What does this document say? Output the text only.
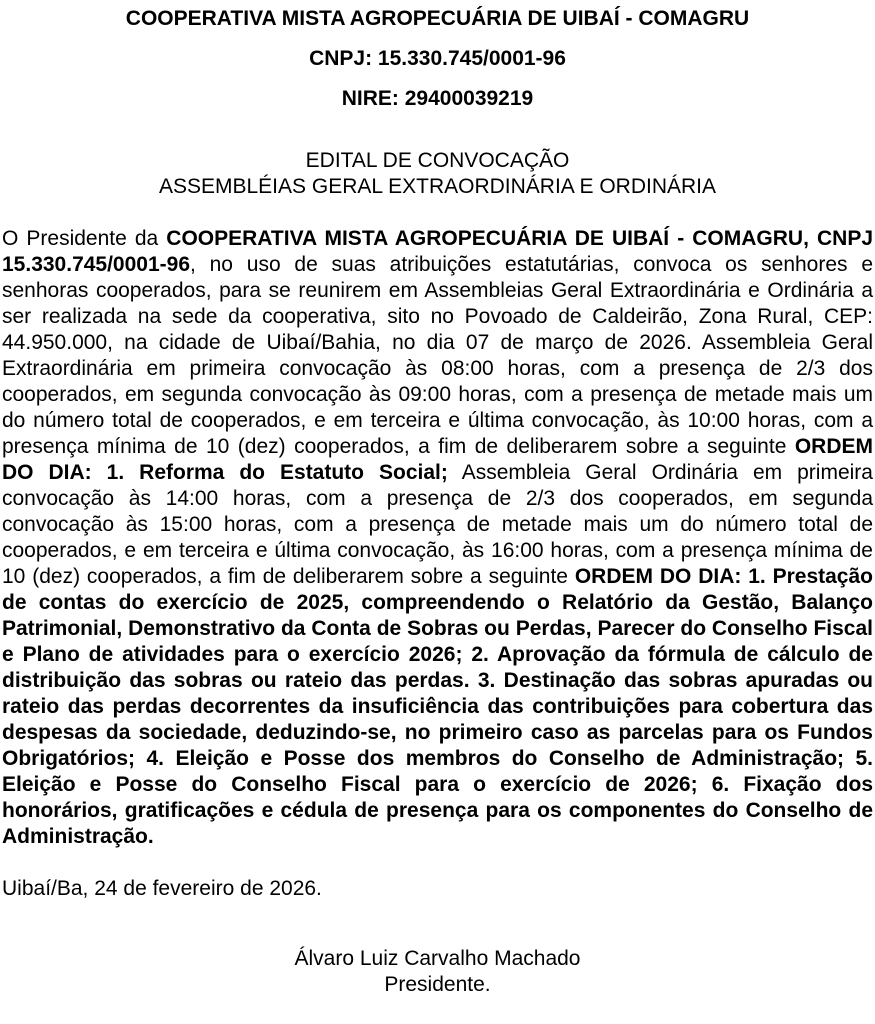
COOPERATIVA MISTA AGROPECUÁRIA DE UIBAÍ - COMAGRU
CNPJ: 15.330.745/0001-96
NIRE: 29400039219
EDITAL DE CONVOCAÇÃO
ASSEMBLÉIAS GERAL EXTRAORDINÁRIA E ORDINÁRIA

O Presidente da COOPERATIVA MISTA AGROPECUÁRIA DE UIBAÍ - COMAGRU, CNPJ 15.330.745/0001-96, no uso de suas atribuições estatutárias, convoca os senhores e senhoras cooperados, para se reunirem em Assembleias Geral Extraordinária e Ordinária a ser realizada na sede da cooperativa, sito no Povoado de Caldeirão, Zona Rural, CEP: 44.950.000, na cidade de Uibaí/Bahia, no dia 07 de março de 2026. Assembleia Geral Extraordinária em primeira convocação às 08:00 horas, com a presença de 2/3 dos cooperados, em segunda convocação às 09:00 horas, com a presença de metade mais um do número total de cooperados, e em terceira e última convocação, às 10:00 horas, com a presença mínima de 10 (dez) cooperados, a fim de deliberarem sobre a seguinte ORDEM DO DIA: 1. Reforma do Estatuto Social; Assembleia Geral Ordinária em primeira convocação às 14:00 horas, com a presença de 2/3 dos cooperados, em segunda convocação às 15:00 horas, com a presença de metade mais um do número total de cooperados, e em terceira e última convocação, às 16:00 horas, com a presença mínima de 10 (dez) cooperados, a fim de deliberarem sobre a seguinte ORDEM DO DIA: 1. Prestação de contas do exercício de 2025, compreendendo o Relatório da Gestão, Balanço Patrimonial, Demonstrativo da Conta de Sobras ou Perdas, Parecer do Conselho Fiscal e Plano de atividades para o exercício 2026; 2. Aprovação da fórmula de cálculo de distribuição das sobras ou rateio das perdas. 3. Destinação das sobras apuradas ou rateio das perdas decorrentes da insuficiência das contribuições para cobertura das despesas da sociedade, deduzindo-se, no primeiro caso as parcelas para os Fundos Obrigatórios; 4. Eleição e Posse dos membros do Conselho de Administração; 5. Eleição e Posse do Conselho Fiscal para o exercício de 2026; 6. Fixação dos honorários, gratificações e cédula de presença para os componentes do Conselho de Administração.

Uibaí/Ba, 24 de fevereiro de 2026.

Álvaro Luiz Carvalho Machado
Presidente.
